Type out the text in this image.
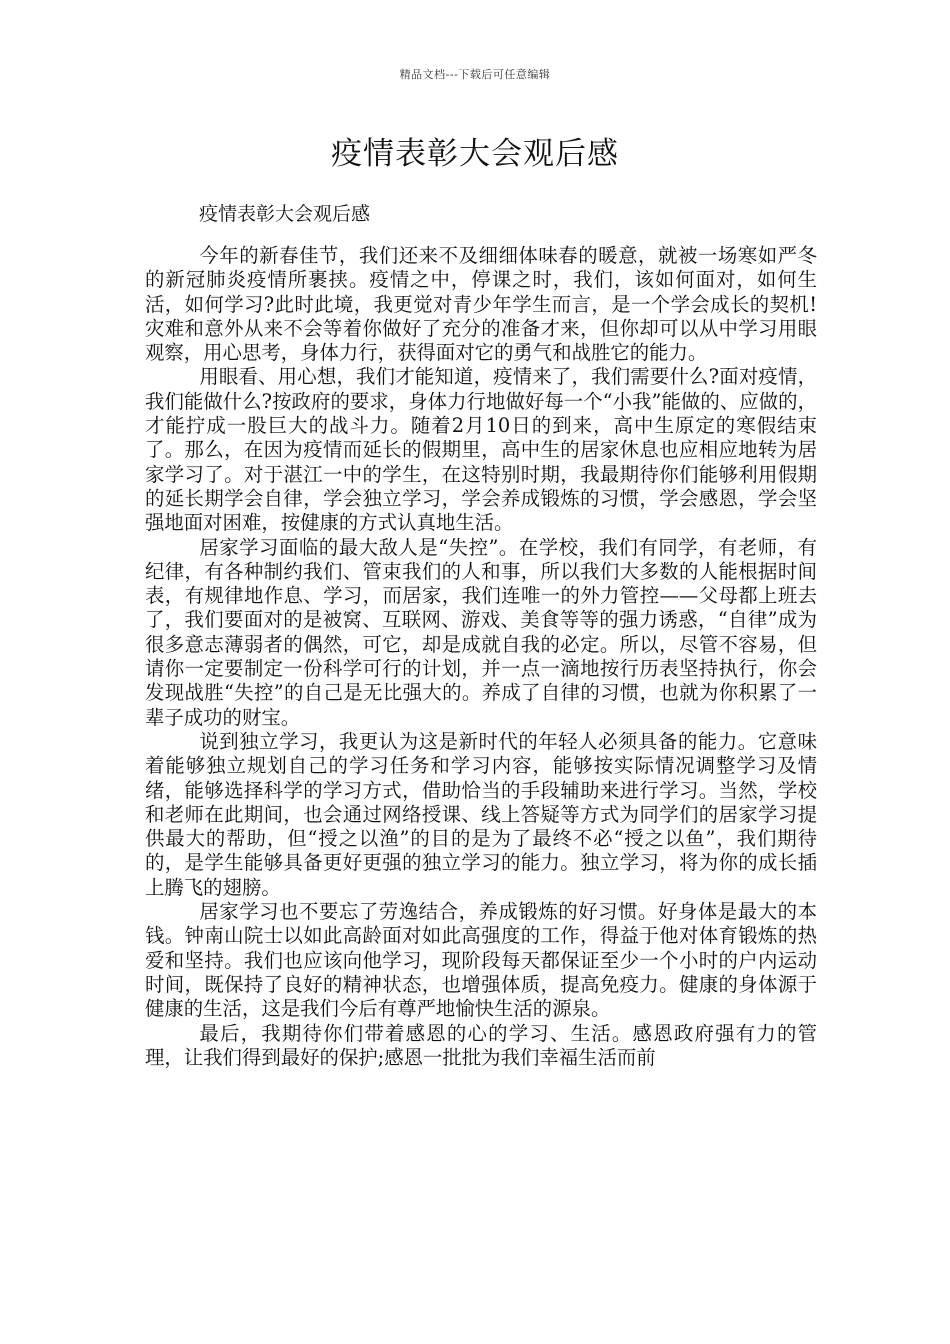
精品文档---下载后可任意编辑
疫情表彰大会观后感
疫情表彰大会观后感

今年的新春佳节，我们还来不及细细体味春的暖意，就被一场寒如严冬的新冠肺炎疫情所裹挟。疫情之中，停课之时，我们，该如何面对，如何生活，如何学习?此时此境，我更觉对青少年学生而言，是一个学会成长的契机!灾难和意外从来不会等着你做好了充分的准备才来，但你却可以从中学习用眼观察，用心思考，身体力行，获得面对它的勇气和战胜它的能力。

用眼看、用心想，我们才能知道，疫情来了，我们需要什么?面对疫情，我们能做什么?按政府的要求，身体力行地做好每一个“小我”能做的、应做的，才能拧成一股巨大的战斗力。随着2月10日的到来，高中生原定的寒假结束了。那么，在因为疫情而延长的假期里，高中生的居家休息也应相应地转为居家学习了。对于湛江一中的学生，在这特别时期，我最期待你们能够利用假期的延长期学会自律，学会独立学习，学会养成锻炼的习惯，学会感恩，学会坚强地面对困难，按健康的方式认真地生活。

居家学习面临的最大敌人是“失控”。在学校，我们有同学，有老师，有纪律，有各种制约我们、管束我们的人和事，所以我们大多数的人能根据时间表，有规律地作息、学习，而居家，我们连唯一的外力管控——父母都上班去了，我们要面对的是被窝、互联网、游戏、美食等等的强力诱惑，“自律”成为很多意志薄弱者的偶然，可它，却是成就自我的必定。所以，尽管不容易，但请你一定要制定一份科学可行的计划，并一点一滴地按行历表坚持执行，你会发现战胜“失控”的自己是无比强大的。养成了自律的习惯，也就为你积累了一辈子成功的财宝。

说到独立学习，我更认为这是新时代的年轻人必须具备的能力。它意味着能够独立规划自己的学习任务和学习内容，能够按实际情况调整学习及情绪，能够选择科学的学习方式，借助恰当的手段辅助来进行学习。当然，学校和老师在此期间，也会通过网络授课、线上答疑等方式为同学们的居家学习提供最大的帮助，但“授之以渔”的目的是为了最终不必“授之以鱼”，我们期待的，是学生能够具备更好更强的独立学习的能力。独立学习，将为你的成长插上腾飞的翅膀。

居家学习也不要忘了劳逸结合，养成锻炼的好习惯。好身体是最大的本钱。钟南山院士以如此高龄面对如此高强度的工作，得益于他对体育锻炼的热爱和坚持。我们也应该向他学习，现阶段每天都保证至少一个小时的户内运动时间，既保持了良好的精神状态，也增强体质，提高免疫力。健康的身体源于健康的生活，这是我们今后有尊严地愉快生活的源泉。

最后，我期待你们带着感恩的心的学习、生活。感恩政府强有力的管理，让我们得到最好的保护;感恩一批批为我们幸福生活而前
